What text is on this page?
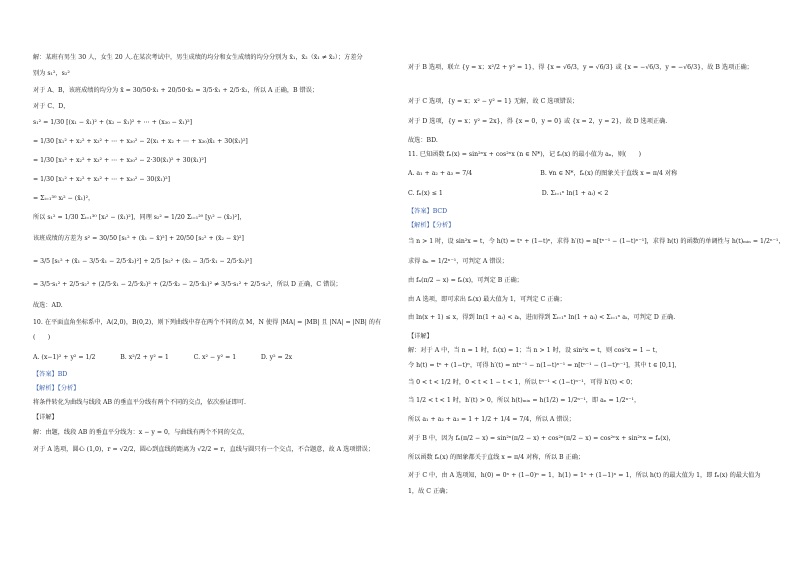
解：某班有男生 30 人，女生 20 人.在某次考试中，男生成绩的均分和女生成绩的均分分别为 x̄₁，x̄₂（x̄₁ ≠ x̄₂）；方差分
别为 s₁²，s₂²
对于 A、B，该班成绩的均分为 x̄ = 30/50·x̄₁ + 20/50·x̄₂ = 3/5·x̄₁ + 2/5·x̄₂，所以 A 正确，B 错误；
对于 C、D，
s₁² = 1/30 [(x₁ − x̄₁)² + (x₂ − x̄₁)² + ⋯ + (x₃₀ − x̄₁)²]
= 1/30 [x₁² + x₂² + x₃² + ⋯ + x₃₀² − 2(x₁ + x₂ + ⋯ + x₃₀)x̄₁ + 30(x̄₁)²]
= 1/30 [x₁² + x₂² + x₃² + ⋯ + x₃₀² − 2·30(x̄₁)² + 30(x̄₁)²]
= 1/30 [x₁² + x₂² + x₃² + ⋯ + x₃₀² − 30(x̄₁)²]
= Σᵢ₌₁³⁰ xᵢ² − (x̄₁)²，
所以 s₁² = 1/30 Σᵢ₌₁³⁰ [xᵢ² − (x̄₁)²]，同理 s₂² = 1/20 Σᵢ₌₁²⁰ [yᵢ² − (x̄₂)²]，
该班成绩的方差为 s² = 30/50 [s₁² + (x̄₁ − x̄)²] + 20/50 [s₂² + (x̄₂ − x̄)²]
= 3/5 [s₁² + (x̄₁ − 3/5·x̄₁ − 2/5·x̄₂)²] + 2/5 [s₂² + (x̄₂ − 3/5·x̄₁ − 2/5·x̄₂)²]
= 3/5·s₁² + 2/5·s₂² + (2/5·x̄₁ − 2/5·x̄₂)² + (2/5·x̄₂ − 2/5·x̄₁)² ≠ 3/5·s₁² + 2/5·s₂²，所以 D 正确，C 错误；
故选：AD.
10. 在平面直角坐标系中，A(2,0)，B(0,2)，则下列曲线中存在两个不同的点 M，N 使得 |MA| = |MB| 且 |NA| = |NB| 的有
(　　)
A. (x−1)² + y² = 1/2　　　　B. x²/2 + y² = 1　　　　C. x² − y² = 1　　　　D. y² = 2x
【答案】BD
【解析】【分析】
将条件转化为曲线与线段 AB 的垂直平分线有两个不同的交点，依次验证即可.
【详解】
解：由题，线段 AB 的垂直平分线为：x − y = 0，与曲线有两个不同的交点，
对于 A 选项，圆心 (1,0)，r = √2/2，圆心到直线的距离为 √2/2 = r，直线与圆只有一个交点，不合题意，故 A 选项错误；
对于 B 选项，联立 {y = x；x²/2 + y² = 1}，得 {x = √6/3，y = √6/3} 或 {x = −√6/3，y = −√6/3}，故 B 选项正确；
对于 C 选项，{y = x；x² − y² = 1} 无解，故 C 选项错误；
对于 D 选项，{y = x；y² = 2x}，得 {x = 0，y = 0} 或 {x = 2，y = 2}，故 D 选项正确.
故选：BD.
11. 已知函数 fₙ(x) = sin²ⁿx + cos²ⁿx (n ∈ N*)，记 fₙ(x) 的最小值为 aₙ，则(　　)
A. a₁ + a₂ + a₃ = 7/4　　　　　　　　　　　B. ∀n ∈ N*，fₙ(x) 的图象关于直线 x = π/4 对称
C. fₙ(x) ≤ 1　　　　　　　　　　　　　　　　D. Σᵢ₌₁ⁿ ln(1 + aᵢ) < 2
【答案】BCD
【解析】【分析】
当 n > 1 时，设 sin²x = t，令 h(t) = tⁿ + (1−t)ⁿ，求得 h′(t) = n[tⁿ⁻¹ − (1−t)ⁿ⁻¹]，求得 h(t) 的函数的单调性与 h(t)ₘᵢₙ = 1/2ⁿ⁻¹，
求得 aₙ = 1/2ⁿ⁻¹，可判定 A 错误；
由 fₙ(π/2 − x) = fₙ(x)，可判定 B 正确；
由 A 选项，即可求出 fₙ(x) 最大值为 1，可判定 C 正确；
由 ln(x + 1) ≤ x，得到 ln(1 + aᵢ) < aᵢ，进而得到 Σᵢ₌₁ⁿ ln(1 + aᵢ) < Σᵢ₌₁ⁿ aᵢ，可判定 D 正确.
【详解】
解：对于 A 中，当 n = 1 时，f₁(x) = 1；当 n > 1 时，设 sin²x = t，则 cos²x = 1 − t，
令 h(t) = tⁿ + (1−t)ⁿ，可得 h′(t) = ntⁿ⁻¹ − n(1−t)ⁿ⁻¹ = n[tⁿ⁻¹ − (1−t)ⁿ⁻¹]，其中 t ∈ [0,1]，
当 0 < t < 1/2 时，0 < t < 1 − t < 1，所以 tⁿ⁻¹ < (1−t)ⁿ⁻¹，可得 h′(t) < 0；
当 1/2 < t < 1 时，h′(t) > 0，所以 h(t)ₘᵢₙ = h(1/2) = 1/2ⁿ⁻¹，即 aₙ = 1/2ⁿ⁻¹，
所以 a₁ + a₂ + a₃ = 1 + 1/2 + 1/4 = 7/4，所以 A 错误；
对于 B 中，因为 fₙ(π/2 − x) = sin²ⁿ(π/2 − x) + cos²ⁿ(π/2 − x) = cos²ⁿx + sin²ⁿx = fₙ(x)，
所以函数 fₙ(x) 的图象都关于直线 x = π/4 对称，所以 B 正确；
对于 C 中，由 A 选项知，h(0) = 0ⁿ + (1−0)ⁿ = 1，h(1) = 1ⁿ + (1−1)ⁿ = 1，所以 h(t) 的最大值为 1，即 fₙ(x) 的最大值为
1，故 C 正确；
